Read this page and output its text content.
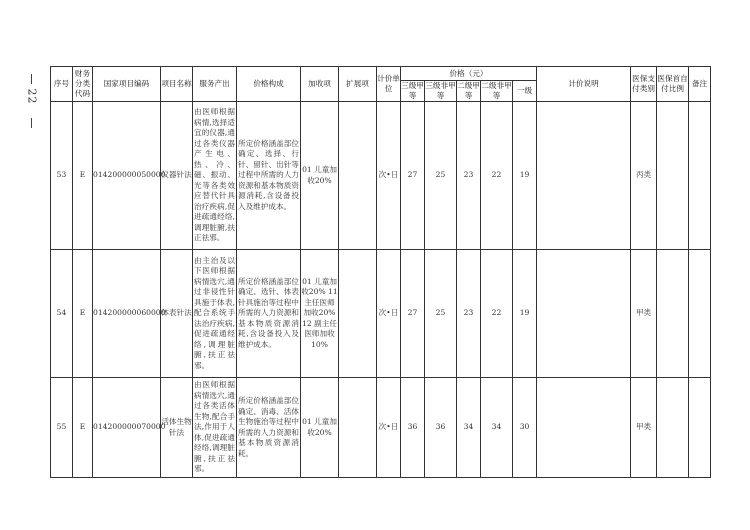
22
序号	财务分类代码	国家项目编码	项目名称	服务产出	价格构成	加收项	扩展项	计价单位	价格（元）					计价说明	医保支付类别	医保首自付比例	备注
									三级甲等	三级非甲等	二级甲等	二级非甲等	一级				
53	E	014200000050000	仪器针法	由医师根据病情,选择适宜的仪器,通过各类仪器产生电、热、冷、磁、振动、光等各类效应替代针具治疗疾病,促进疏通经络,调理脏腑,扶正祛邪。	所定价格涵盖部位确定、选择、行针、留针、出针等过程中所需的人力资源和基本物质资源消耗,含设备投入及维护成本。	01 儿童加收20%		次•日	27	25	23	22	19		丙类		
54	E	014200000060000	体表针法	由主治及以下医师根据病情选穴,通过非侵性针具施于体表,配合系统手法治疗疾病,促进疏通经络,调理脏腑,扶正祛邪。	所定价格涵盖部位确定、选针、体表针具施治等过程中所需的人力资源和基本物质资源消耗,含设备投入及维护成本。	01 儿童加收20% 11 主任医师加收20% 12 副主任医师加收10%		次•日	27	25	23	22	19		甲类		
55	E	014200000070000	活体生物针法	由医师根据病情选穴,通过各类活体生物,配合手法,作用于人体,促进疏通经络,调理脏腑,扶正祛邪。	所定价格涵盖部位确定、消毒、活体生物施治等过程中所需的人力资源和基本物质资源消耗。	01 儿童加收20%		次•日	36	36	34	34	30		甲类		
